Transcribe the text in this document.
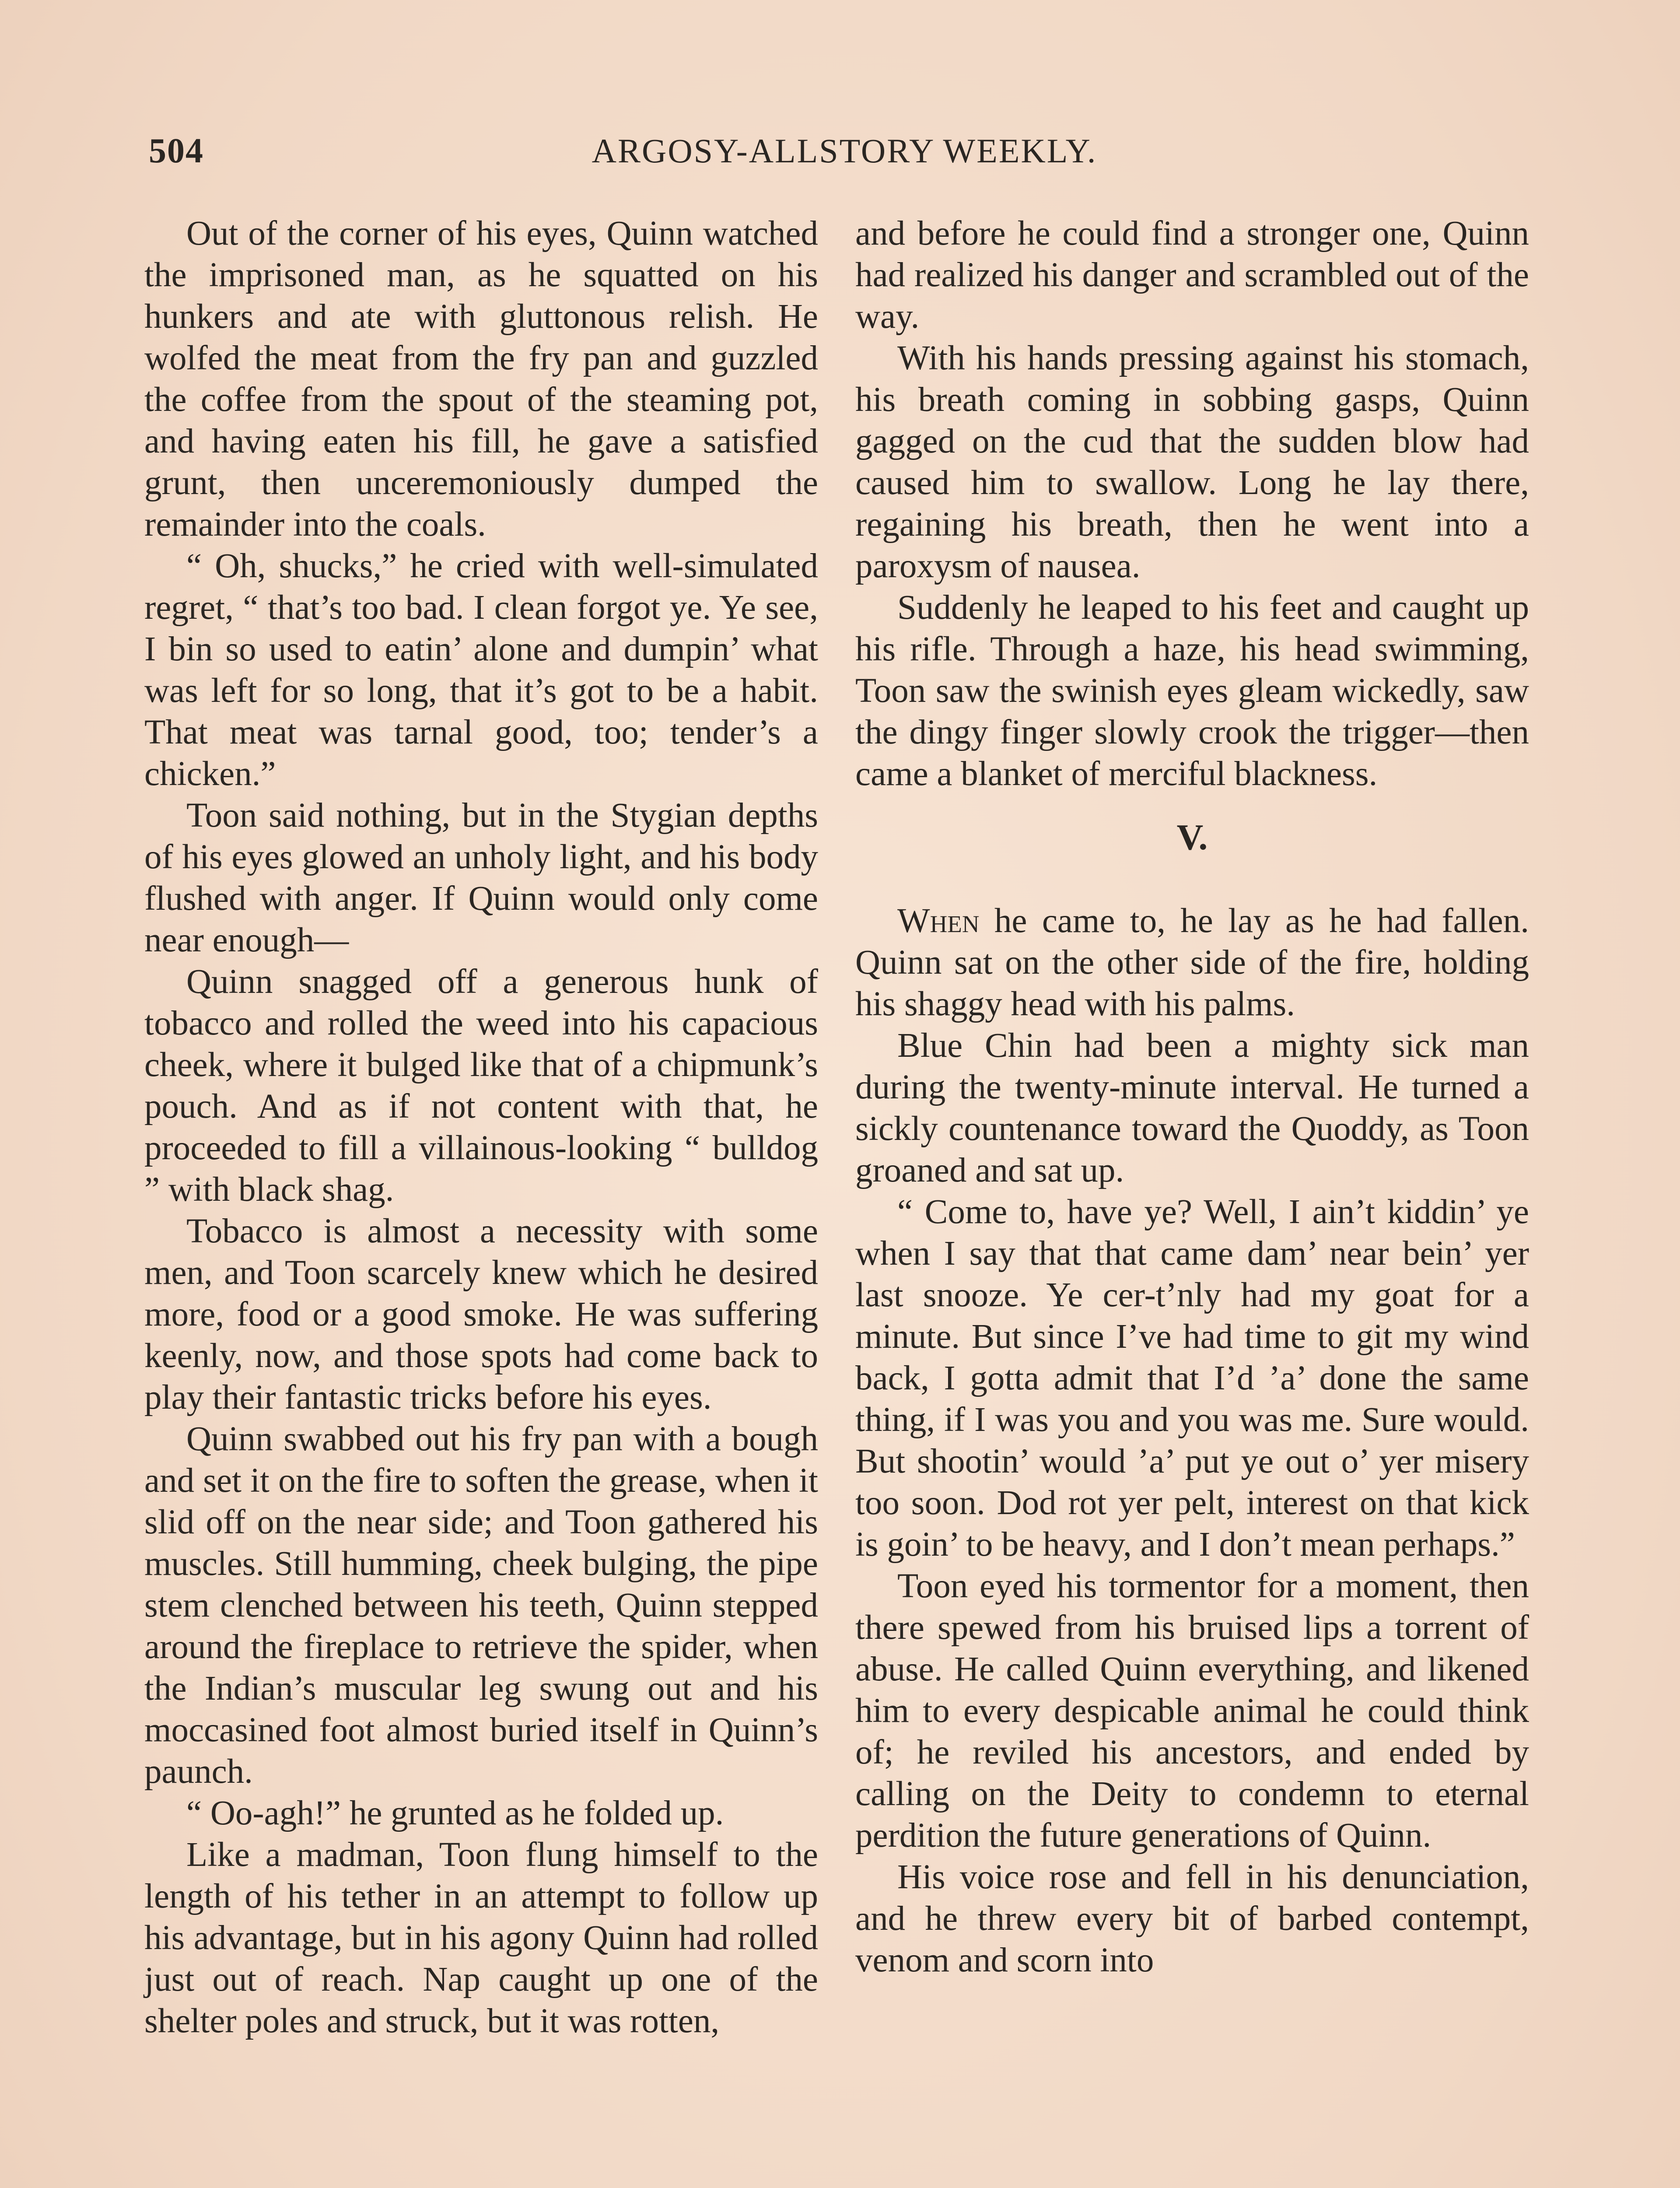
504	ARGOSY-ALLSTORY WEEKLY.

Out of the corner of his eyes, Quinn watched the imprisoned man, as he squatted on his hunkers and ate with gluttonous relish. He wolfed the meat from the fry pan and guzzled the coffee from the spout of the steaming pot, and having eaten his fill, he gave a satisfied grunt, then unceremoniously dumped the remainder into the coals.

“ Oh, shucks,” he cried with well-simulated regret, “ that’s too bad. I clean forgot ye. Ye see, I bin so used to eatin’ alone and dumpin’ what was left for so long, that it’s got to be a habit. That meat was tarnal good, too; tender’s a chicken.”

Toon said nothing, but in the Stygian depths of his eyes glowed an unholy light, and his body flushed with anger. If Quinn would only come near enough—

Quinn snagged off a generous hunk of tobacco and rolled the weed into his capacious cheek, where it bulged like that of a chipmunk’s pouch. And as if not content with that, he proceeded to fill a villainous-looking “ bulldog ” with black shag.

Tobacco is almost a necessity with some men, and Toon scarcely knew which he desired more, food or a good smoke. He was suffering keenly, now, and those spots had come back to play their fantastic tricks before his eyes.

Quinn swabbed out his fry pan with a bough and set it on the fire to soften the grease, when it slid off on the near side; and Toon gathered his muscles. Still humming, cheek bulging, the pipe stem clenched between his teeth, Quinn stepped around the fireplace to retrieve the spider, when the Indian’s muscular leg swung out and his moccasined foot almost buried itself in Quinn’s paunch.

“ Oo-agh!” he grunted as he folded up.

Like a madman, Toon flung himself to the length of his tether in an attempt to follow up his advantage, but in his agony Quinn had rolled just out of reach. Nap caught up one of the shelter poles and struck, but it was rotten,

and before he could find a stronger one, Quinn had realized his danger and scrambled out of the way.

With his hands pressing against his stomach, his breath coming in sobbing gasps, Quinn gagged on the cud that the sudden blow had caused him to swallow. Long he lay there, regaining his breath, then he went into a paroxysm of nausea.

Suddenly he leaped to his feet and caught up his rifle. Through a haze, his head swimming, Toon saw the swinish eyes gleam wickedly, saw the dingy finger slowly crook the trigger—then came a blanket of merciful blackness.

V.

When he came to, he lay as he had fallen. Quinn sat on the other side of the fire, holding his shaggy head with his palms.

Blue Chin had been a mighty sick man during the twenty-minute interval. He turned a sickly countenance toward the Quoddy, as Toon groaned and sat up.

“ Come to, have ye? Well, I ain’t kiddin’ ye when I say that that came dam’ near bein’ yer last snooze. Ye cer-t’nly had my goat for a minute. But since I’ve had time to git my wind back, I gotta admit that I’d ’a’ done the same thing, if I was you and you was me. Sure would. But shootin’ would ’a’ put ye out o’ yer misery too soon. Dod rot yer pelt, interest on that kick is goin’ to be heavy, and I don’t mean perhaps.”

Toon eyed his tormentor for a moment, then there spewed from his bruised lips a torrent of abuse. He called Quinn everything, and likened him to every despicable animal he could think of; he reviled his ancestors, and ended by calling on the Deity to condemn to eternal perdition the future generations of Quinn.

His voice rose and fell in his denunciation, and he threw every bit of barbed contempt, venom and scorn into
